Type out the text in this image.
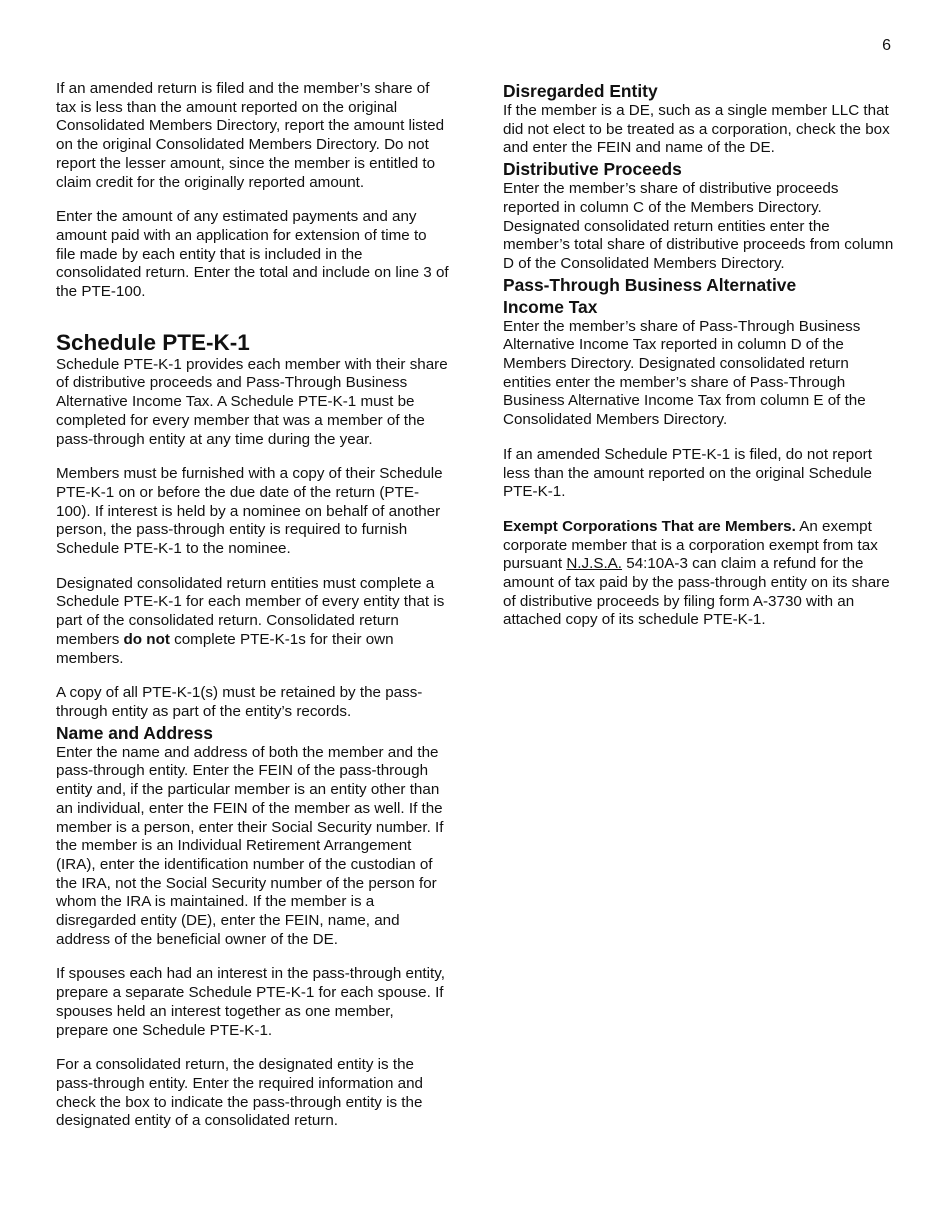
6

If an amended return is filed and the member’s share of tax is less than the amount reported on the original Consolidated Members Directory, report the amount listed on the original Consolidated Members Directory. Do not report the lesser amount, since the member is entitled to claim credit for the originally reported amount.

Enter the amount of any estimated payments and any amount paid with an application for extension of time to file made by each entity that is included in the consolidated return. Enter the total and include on line 3 of the PTE-100.

Schedule PTE-K-1

Schedule PTE-K-1 provides each member with their share of distributive proceeds and Pass-Through Business Alternative Income Tax. A Schedule PTE-K-1 must be completed for every member that was a member of the pass-through entity at any time during the year.

Members must be furnished with a copy of their Schedule PTE-K-1 on or before the due date of the return (PTE-100). If interest is held by a nominee on behalf of another person, the pass-through entity is required to furnish Schedule PTE-K-1 to the nominee.

Designated consolidated return entities must complete a Schedule PTE-K-1 for each member of every entity that is part of the consolidated return. Consolidated return members do not complete PTE-K-1s for their own members.

A copy of all PTE-K-1(s) must be retained by the pass-through entity as part of the entity’s records.

Name and Address

Enter the name and address of both the member and the pass-through entity. Enter the FEIN of the pass-through entity and, if the particular member is an entity other than an individual, enter the FEIN of the member as well. If the member is a person, enter their Social Security number. If the member is an Individual Retirement Arrangement (IRA), enter the identification number of the custodian of the IRA, not the Social Security number of the person for whom the IRA is maintained. If the member is a disregarded entity (DE), enter the FEIN, name, and address of the beneficial owner of the DE.

If spouses each had an interest in the pass-through entity, prepare a separate Schedule PTE-K-1 for each spouse. If spouses held an interest together as one member, prepare one Schedule PTE-K-1.

For a consolidated return, the designated entity is the pass-through entity. Enter the required information and check the box to indicate the pass-through entity is the designated entity of a consolidated return.

Disregarded Entity

If the member is a DE, such as a single member LLC that did not elect to be treated as a corporation, check the box and enter the FEIN and name of the DE.

Distributive Proceeds

Enter the member’s share of distributive proceeds reported in column C of the Members Directory. Designated consolidated return entities enter the member’s total share of distributive proceeds from column D of the Consolidated Members Directory.

Pass-Through Business Alternative
Income Tax

Enter the member’s share of Pass-Through Business Alternative Income Tax reported in column D of the Members Directory. Designated consolidated return entities enter the member’s share of Pass-Through Business Alternative Income Tax from column E of the Consolidated Members Directory.

If an amended Schedule PTE-K-1 is filed, do not report less than the amount reported on the original Schedule PTE-K-1.

Exempt Corporations That are Members. An exempt corporate member that is a corporation exempt from tax pursuant N.J.S.A. 54:10A-3 can claim a refund for the amount of tax paid by the pass-through entity on its share of distributive proceeds by filing form A-3730 with an attached copy of its schedule PTE-K-1.
